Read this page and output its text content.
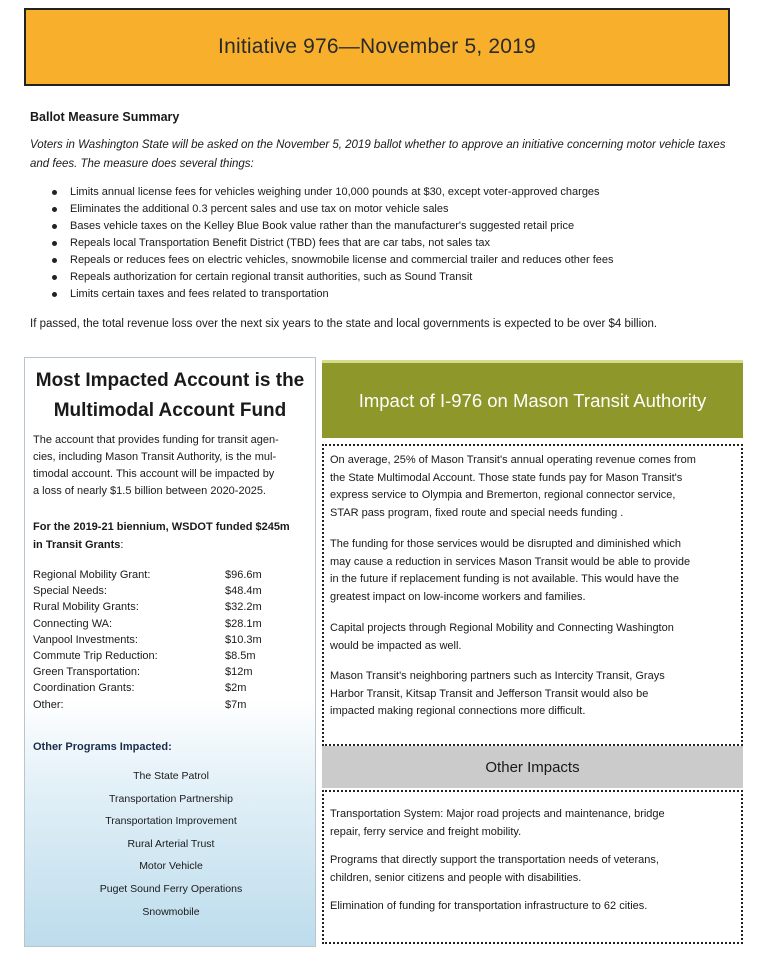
Initiative 976—November 5, 2019
Ballot Measure Summary

Voters in Washington State will be asked on the November 5, 2019 ballot whether to approve an initiative concerning motor vehicle taxes and fees. The measure does several things:

Limits annual license fees for vehicles weighing under 10,000 pounds at $30, except voter-approved charges
Eliminates the additional 0.3 percent sales and use tax on motor vehicle sales
Bases vehicle taxes on the Kelley Blue Book value rather than the manufacturer's suggested retail price
Repeals local Transportation Benefit District (TBD) fees that are car tabs, not sales tax
Repeals or reduces fees on electric vehicles, snowmobile license and commercial trailer and reduces other fees
Repeals authorization for certain regional transit authorities, such as Sound Transit
Limits certain taxes and fees related to transportation

If passed, the total revenue loss over the next six years to the state and local governments is expected to be over $4 billion.

Most Impacted Account is the
Multimodal Account Fund
The account that provides funding for transit agen-
cies, including Mason Transit Authority, is the mul-
timodal account. This account will be impacted by
a loss of nearly $1.5 billion between 2020-2025.
For the 2019-21 biennium, WSDOT funded $245m
in Transit Grants:
Regional Mobility Grant:	$96.6m
Special Needs:	$48.4m
Rural Mobility Grants:	$32.2m
Connecting WA:	$28.1m
Vanpool Investments:	$10.3m
Commute Trip Reduction:	$8.5m
Green Transportation:	$12m
Coordination Grants:	$2m
Other:	$7m
Other Programs Impacted:
The State Patrol
Transportation Partnership
Transportation Improvement
Rural Arterial Trust
Motor Vehicle
Puget Sound Ferry Operations
Snowmobile
Impact of I-976 on Mason Transit Authority
On average, 25% of Mason Transit's annual operating revenue comes from
the State Multimodal Account. Those state funds pay for Mason Transit's
express service to Olympia and Bremerton, regional connector service,
STAR pass program, fixed route and special needs funding .
The funding for those services would be disrupted and diminished which
may cause a reduction in services Mason Transit would be able to provide
in the future if replacement funding is not available. This would have the
greatest impact on low-income workers and families.
Capital projects through Regional Mobility and Connecting Washington
would be impacted as well.
Mason Transit's neighboring partners such as Intercity Transit, Grays
Harbor Transit, Kitsap Transit and Jefferson Transit would also be
impacted making regional connections more difficult.
Other Impacts
Transportation System: Major road projects and maintenance, bridge
repair, ferry service and freight mobility.
Programs that directly support the transportation needs of veterans,
children, senior citizens and people with disabilities.
Elimination of funding for transportation infrastructure to 62 cities.
